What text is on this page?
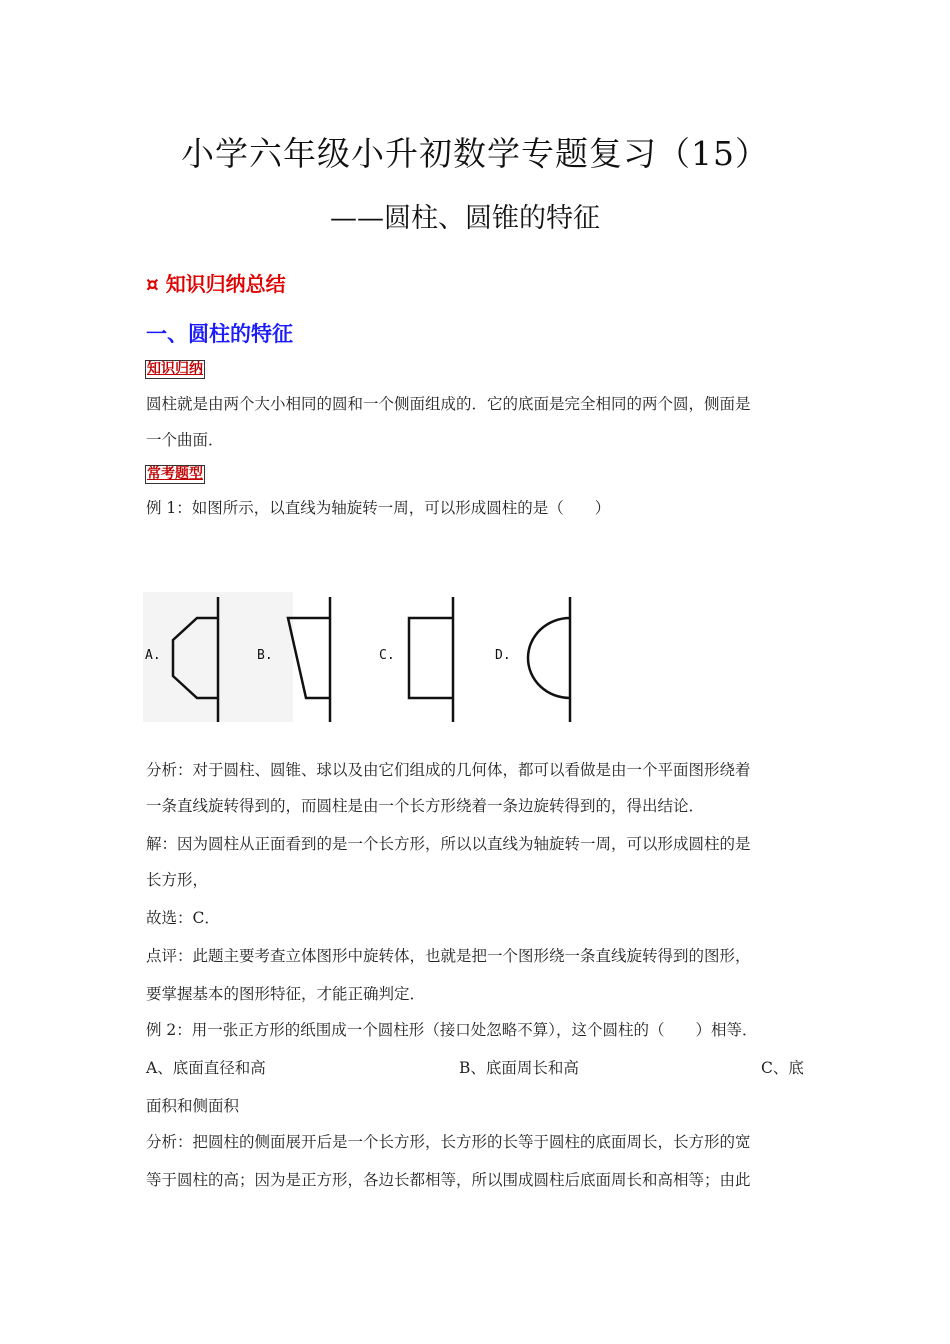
小学六年级小升初数学专题复习（15）
——圆柱、圆锥的特征
¤ 知识归纳总结
一、圆柱的特征
知识归纳
圆柱就是由两个大小相同的圆和一个侧面组成的．它的底面是完全相同的两个圆，侧面是
一个曲面．
常考题型
例 1：如图所示，以直线为轴旋转一周，可以形成圆柱的是（　　）
A.	B.	C.	D.
分析：对于圆柱、圆锥、球以及由它们组成的几何体，都可以看做是由一个平面图形绕着
一条直线旋转得到的，而圆柱是由一个长方形绕着一条边旋转得到的，得出结论．
解：因为圆柱从正面看到的是一个长方形，所以以直线为轴旋转一周，可以形成圆柱的是
长方形，
故选：C．
点评：此题主要考查立体图形中旋转体，也就是把一个图形绕一条直线旋转得到的图形，
要掌握基本的图形特征，才能正确判定．
例 2：用一张正方形的纸围成一个圆柱形（接口处忽略不算），这个圆柱的（　　）相等．
A、底面直径和高	B、底面周长和高	C、底
面积和侧面积
分析：把圆柱的侧面展开后是一个长方形，长方形的长等于圆柱的底面周长，长方形的宽
等于圆柱的高；因为是正方形，各边长都相等，所以围成圆柱后底面周长和高相等；由此
